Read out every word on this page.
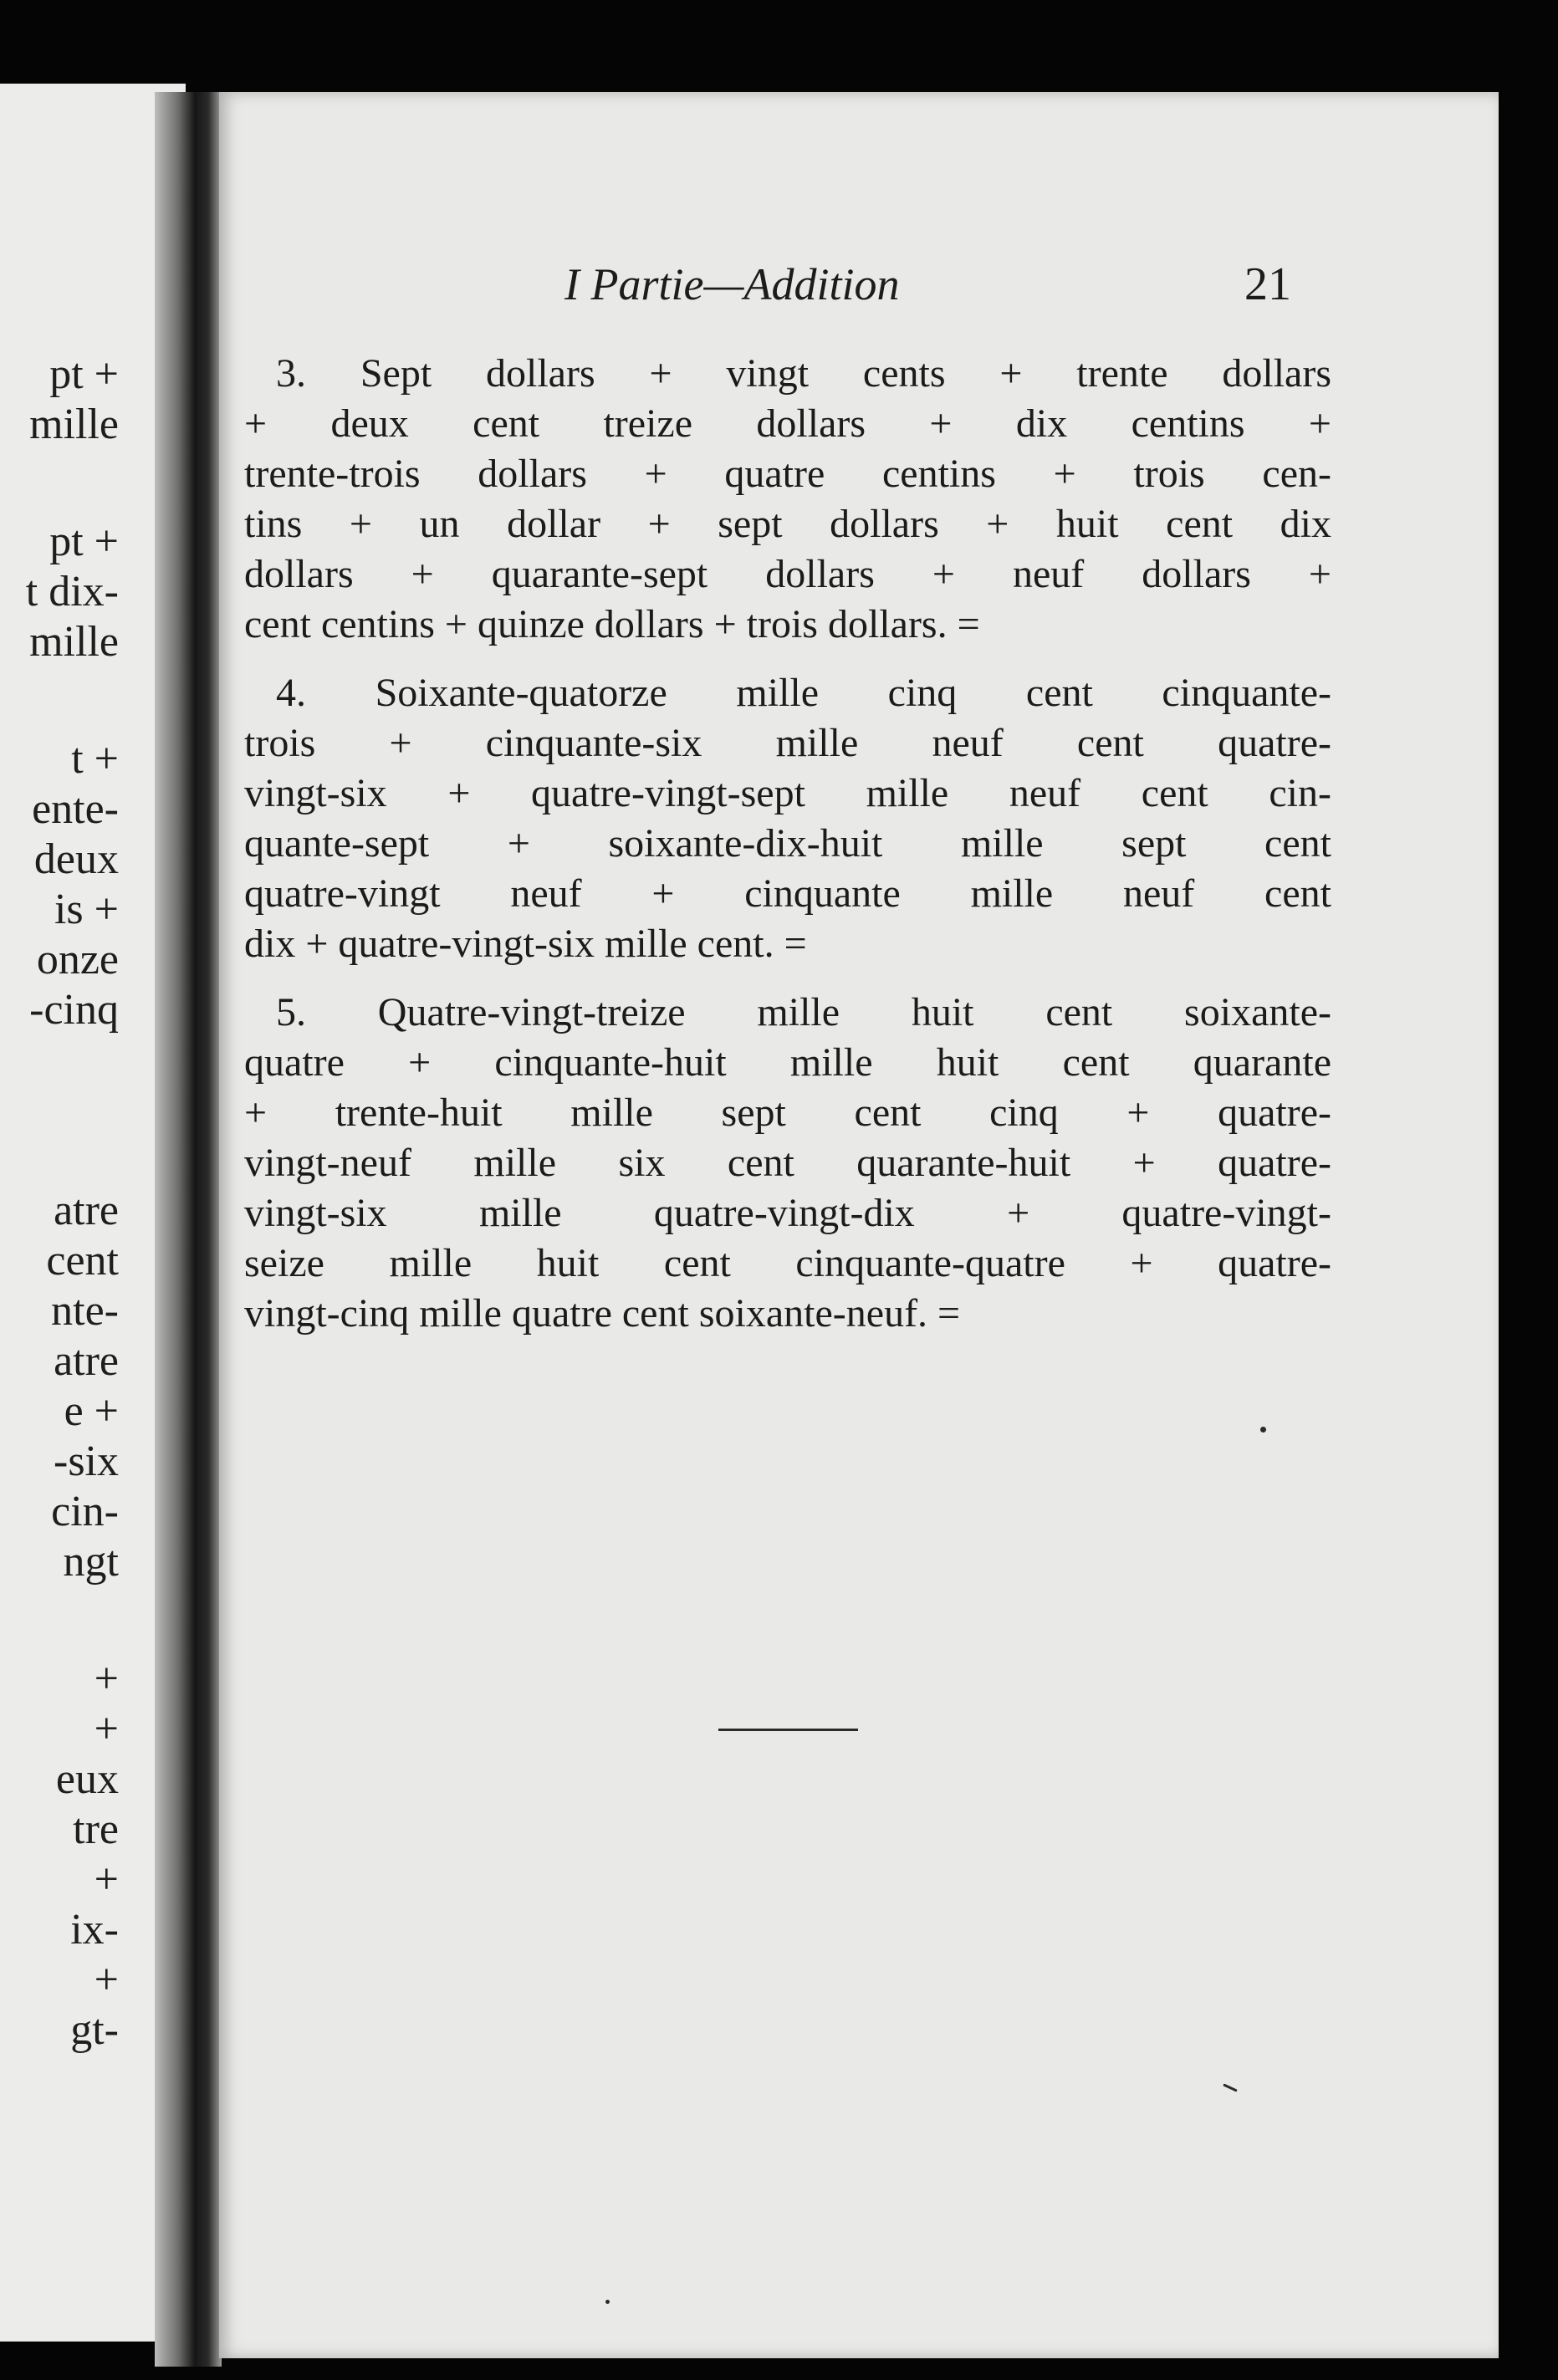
pt +
mille
pt +
t dix-
mille
t +
ente-
deux
is +
onze
-cinq
atre
cent
nte-
atre
e +
-six
cin-
ngt
+
+
eux
tre
+
ix-
+
gt-
I Partie—Addition	21
3. Sept dollars + vingt cents + trente dollars
+ deux cent treize dollars + dix centins +
trente-trois dollars + quatre centins + trois cen-
tins + un dollar + sept dollars + huit cent dix
dollars + quarante-sept dollars + neuf dollars +
cent centins + quinze dollars + trois dollars. =
4. Soixante-quatorze mille cinq cent cinquante-
trois + cinquante-six mille neuf cent quatre-
vingt-six + quatre-vingt-sept mille neuf cent cin-
quante-sept + soixante-dix-huit mille sept cent
quatre-vingt neuf + cinquante mille neuf cent
dix + quatre-vingt-six mille cent. =
5. Quatre-vingt-treize mille huit cent soixante-
quatre + cinquante-huit mille huit cent quarante
+ trente-huit mille sept cent cinq + quatre-
vingt-neuf mille six cent quarante-huit + quatre-
vingt-six mille quatre-vingt-dix + quatre-vingt-
seize mille huit cent cinquante-quatre + quatre-
vingt-cinq mille quatre cent soixante-neuf. =
